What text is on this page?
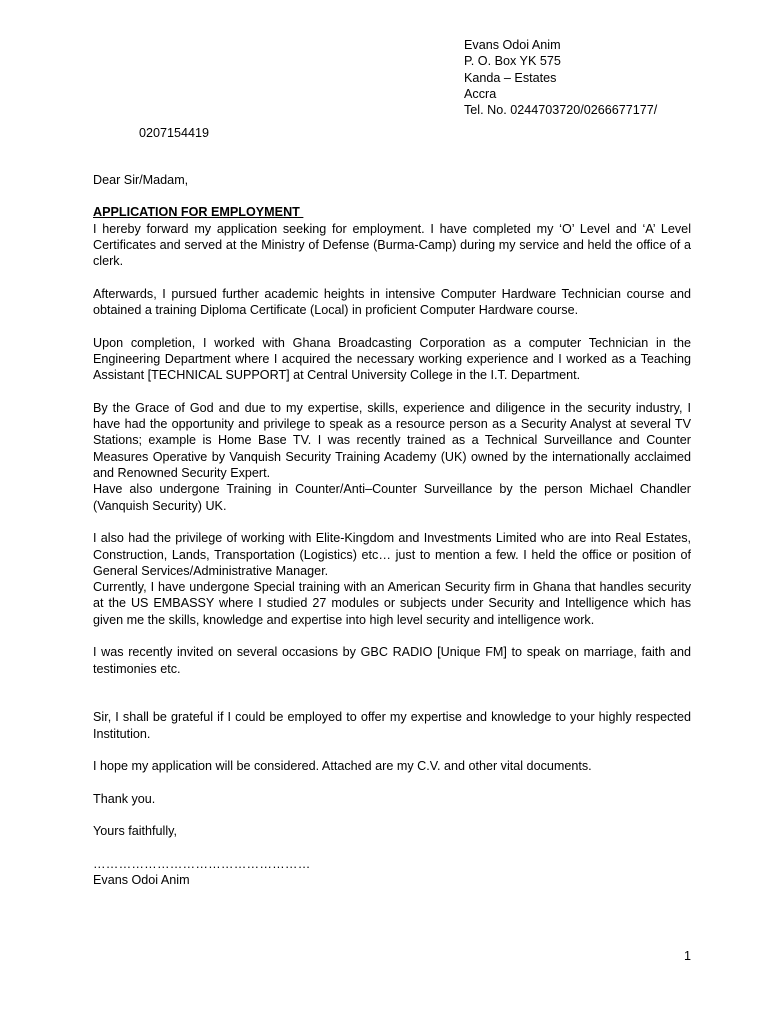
Evans Odoi Anim
P. O. Box YK 575
Kanda – Estates
Accra
Tel. No. 0244703720/0266677177/
0207154419

Dear Sir/Madam,

APPLICATION FOR EMPLOYMENT

I hereby forward my application seeking for employment. I have completed my ‘O’ Level and ‘A’ Level Certificates and served at the Ministry of Defense (Burma-Camp) during my service and held the office of a clerk.

Afterwards, I pursued further academic heights in intensive Computer Hardware Technician course and obtained a training Diploma Certificate (Local) in proficient Computer Hardware course.

Upon completion, I worked with Ghana Broadcasting Corporation as a computer Technician in the Engineering Department where I acquired the necessary working experience and I worked as a Teaching Assistant [TECHNICAL SUPPORT] at Central University College in the I.T. Department.

By the Grace of God and due to my expertise, skills, experience and diligence in the security industry, I have had the opportunity and privilege to speak as a resource person as a Security Analyst at several TV Stations; example is Home Base TV. I was recently trained as a Technical Surveillance and Counter Measures Operative by Vanquish Security Training Academy (UK) owned by the internationally acclaimed and Renowned Security Expert.

Have also undergone Training in Counter/Anti–Counter Surveillance by the person Michael Chandler (Vanquish Security) UK.

I also had the privilege of working with Elite-Kingdom and Investments Limited who are into Real Estates, Construction, Lands, Transportation (Logistics) etc… just to mention a few. I held the office or position of General Services/Administrative Manager.

Currently, I have undergone Special training with an American Security firm in Ghana that handles security at the US EMBASSY where I studied 27 modules or subjects under Security and Intelligence which has given me the skills, knowledge and expertise into high level security and intelligence work.

I was recently invited on several occasions by GBC RADIO [Unique FM] to speak on marriage, faith and testimonies etc.

Sir, I shall be grateful if I could be employed to offer my expertise and knowledge to your highly respected Institution.

I hope my application will be considered. Attached are my C.V. and other vital documents.

Thank you.

Yours faithfully,

……………………………………………

Evans Odoi Anim

1
